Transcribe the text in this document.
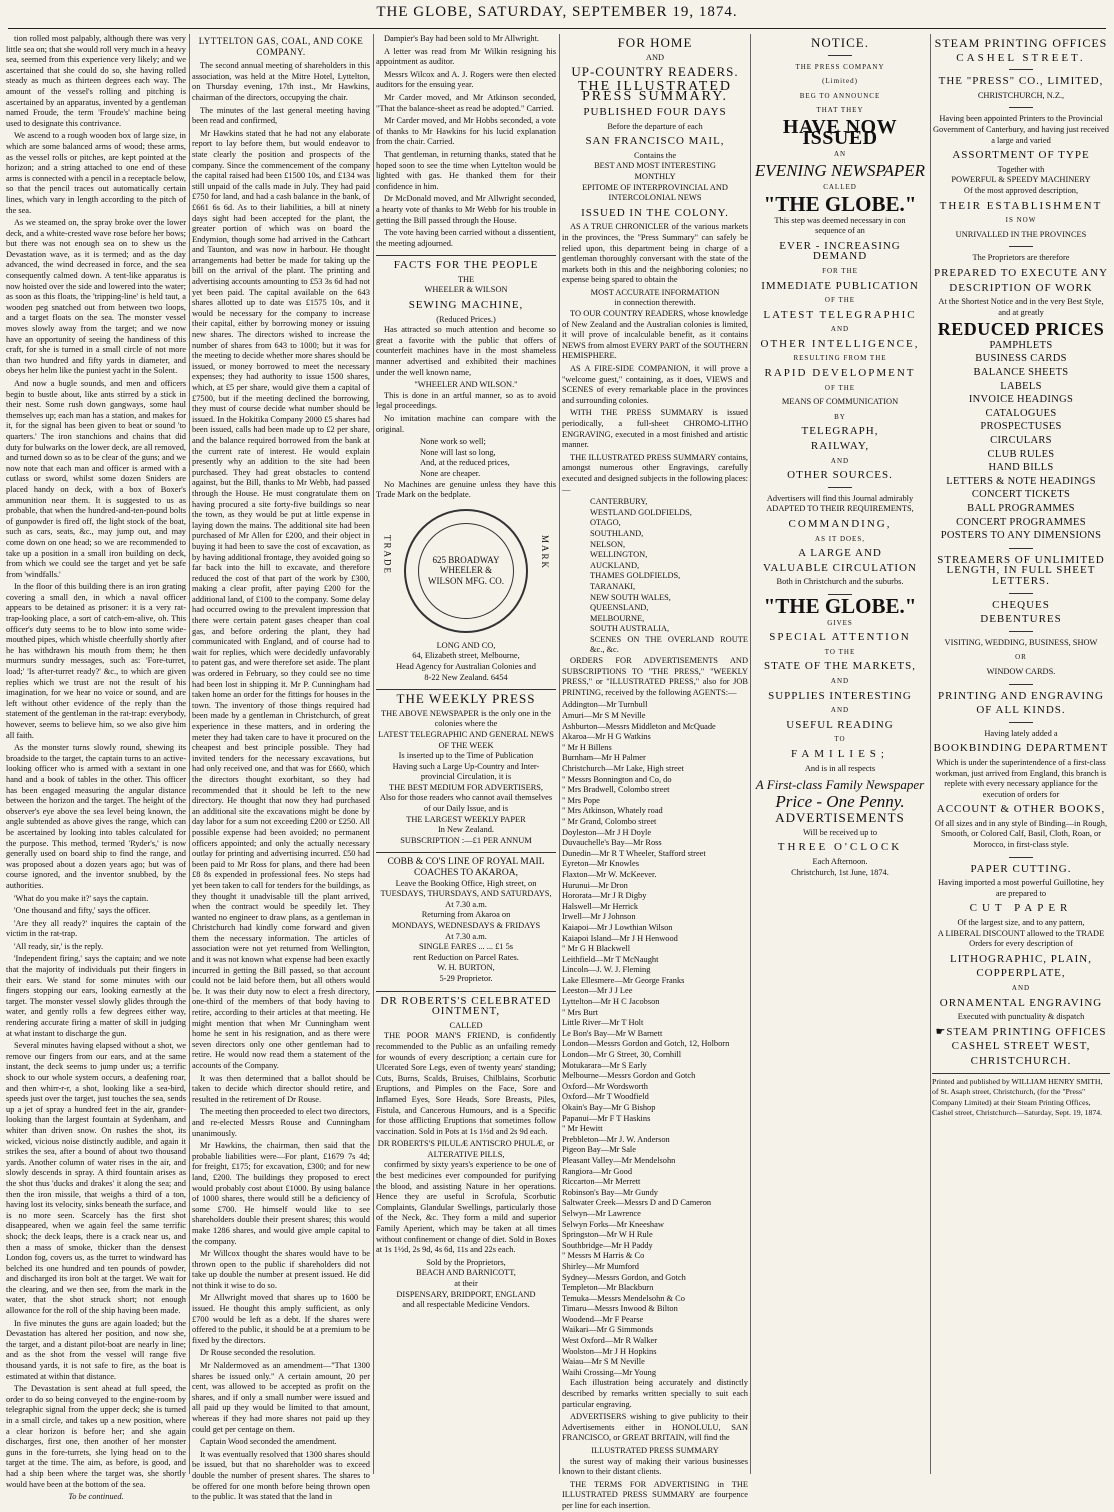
THE GLOBE, SATURDAY, SEPTEMBER 19, 1874.

tion rolled most palpably, although there was very little sea on; that she would roll very much in a heavy sea, seemed from this experience very likely; and we ascertained that she could do so, she having rolled steady as much as thirteen degrees each way. The amount of the vessel's rolling and pitching is ascertained by an apparatus, invented by a gentleman named Froude, the term 'Froude's' machine being used to designate this contrivance.

We ascend to a rough wooden box of large size, in which are some balanced arms of wood; these arms, as the vessel rolls or pitches, are kept pointed at the horizon; and a string attached to one end of these arms is connected with a pencil in a receptacle below, so that the pencil traces out automatically certain lines, which vary in length according to the pitch of the sea.

As we steamed on, the spray broke over the lower deck, and a white-crested wave rose before her bows; but there was not enough sea on to shew us the Devastation wave, as it is termed; and as the day advanced, the wind decreased in force, and the sea consequently calmed down. A tent-like apparatus is now hoisted over the side and lowered into the water; as soon as this floats, the 'tripping-line' is held taut, a wooden peg snatched out from between two loops, and a target floats on the sea. The monster vessel moves slowly away from the target; and we now have an opportunity of seeing the handiness of this craft, for she is turned in a small circle of not more than two hundred and fifty yards in diameter, and obeys her helm like the puniest yacht in the Solent.

And now a bugle sounds, and men and officers begin to bustle about, like ants stirred by a stick in their nest. Some rush down gangways, some haul themselves up; each man has a station, and makes for it, for the signal has been given to beat or sound 'to quarters.' The iron stanchions and chains that did duty for bulwarks on the lower deck, are all removed, and turned down so as to be clear of the guns; and we now note that each man and officer is armed with a cutlass or sword, whilst some dozen Sniders are placed handy on deck, with a box of Boxer's ammunition near them. It is suggested to us as probable, that when the hundred-and-ten-pound bolts of gunpowder is fired off, the light stock of the boat, such as cars, seats, &c., may jump out, and may come down on one head; so we are recommended to take up a position in a small iron building on deck, from which we could see the target and yet be safe from 'windfalls.'

In the floor of this building there is an iron grating covering a small den, in which a naval officer appears to be detained as prisoner: it is a very rat-trap-looking place, a sort of catch-em-alive, oh. This officer's duty seems to be to blow into some wide-mouthed pipes, which whistle cheerfully shortly after he has withdrawn his mouth from them; he then murmurs sundry messages, such as: 'Fore-turret, load;' 'Is after-turret ready?' &c., to which are given replies which we trust are not the result of his imagination, for we hear no voice or sound, and are left without other evidence of the reply than the statement of the gentleman in the rat-trap: everybody, however, seems to believe him, so we also give him all faith.

As the monster turns slowly round, shewing its broadside to the target, the captain turns to an active-looking officer who is armed with a sextant in one hand and a book of tables in the other. This officer has been engaged measuring the angular distance between the horizon and the target. The height of the observer's eye above the sea level being known, the angle subtended as above gives the range, which can be ascertained by looking into tables calculated for the purpose. This method, termed 'Ryder's,' is now generally used on board ship to find the range, and was proposed about a dozen years ago; but was of course ignored, and the inventor snubbed, by the authorities.

'What do you make it?' says the captain.

'One thousand and fifty,' says the officer.

'Are they all ready?' inquires the captain of the victim in the rat-trap.

'All ready, sir,' is the reply.

'Independent firing,' says the captain; and we note that the majority of individuals put their fingers in their ears. We stand for some minutes with our fingers stopping our ears, looking earnestly at the target. The monster vessel slowly glides through the water, and gently rolls a few degrees either way, rendering accurate firing a matter of skill in judging at what instant to discharge the gun.

Several minutes having elapsed without a shot, we remove our fingers from our ears, and at the same instant, the deck seems to jump under us; a terrific shock to our whole system occurs, a deafening roar, and then whirr-r-r, a shot, looking like a sea-bird, speeds just over the target, just touches the sea, sends up a jet of spray a hundred feet in the air, grander-looking than the largest fountain at Sydenham, and whiter than driven snow. On rushes the shot, its wicked, vicious noise distinctly audible, and again it strikes the sea, after a bound of about two thousand yards. Another column of water rises in the air, and slowly descends in spray. A third fountain arises as the shot thus 'ducks and drakes' it along the sea; and then the iron missile, that weighs a third of a ton, having lost its velocity, sinks beneath the surface, and is no more seen. Scarcely has the first shot disappeared, when we again feel the same terrific shock; the deck leaps, there is a crack near us, and then a mass of smoke, thicker than the densest London fog, covers us, as the turret to windward has belched its one hundred and ten pounds of powder, and discharged its iron bolt at the target. We wait for the clearing, and we then see, from the mark in the water, that the shot struck short; not enough allowance for the roll of the ship having been made.

In five minutes the guns are again loaded; but the Devastation has altered her position, and now she, the target, and a distant pilot-boat are nearly in line; and as the shot from the vessel will range five thousand yards, it is not safe to fire, as the boat is estimated at within that distance.

The Devastation is sent ahead at full speed, the order to do so being conveyed to the engine-room by telegraphic signal from the upper deck; she is turned in a small circle, and takes up a new position, where a clear horizon is before her; and she again discharges, first one, then another of her monster guns in the fore-turrets, she lying head on to the target at the time. The aim, as before, is good, and had a ship been where the target was, she shortly would have been at the bottom of the sea.

To be continued.

LYTTELTON GAS, COAL, AND COKE COMPANY.

The second annual meeting of shareholders in this association, was held at the Mitre Hotel, Lyttelton, on Thursday evening, 17th inst., Mr Hawkins, chairman of the directors, occupying the chair.

The minutes of the last general meeting having been read and confirmed,

Mr Hawkins stated that he had not any elaborate report to lay before them, but would endeavor to state clearly the position and prospects of the company. Since the commencement of the company the capital raised had been £1500 10s, and £134 was still unpaid of the calls made in July. They had paid £750 for land, and had a cash balance in the bank, of £661 6s 6d. As to their liabilities, a bill at ninety days sight had been accepted for the plant, the greater portion of which was on board the Endymion, though some had arrived in the Cathcart and Taunton, and was now in harbour. He thought arrangements had better be made for taking up the bill on the arrival of the plant. The printing and advertising accounts amounting to £53 3s 6d had not yet been paid. The capital available on the 643 shares allotted up to date was £1575 10s, and it would be necessary for the company to increase their capital, either by borrowing money or issuing new shares. The directors wished to increase the number of shares from 643 to 1000; but it was for the meeting to decide whether more shares should be issued, or money borrowed to meet the necessary expenses; they had authority to issue 1500 shares, which, at £5 per share, would give them a capital of £7500, but if the meeting declined the borrowing, they must of course decide what number should be issued. In the Hokitika Company 2000 £5 shares had been issued, calls had been made up to £2 per share, and the balance required borrowed from the bank at the current rate of interest. He would explain presently why an addition to the site had been purchased. They had great obstacles to contend against, but the Bill, thanks to Mr Webb, had passed through the House. He must congratulate them on having procured a site forty-five buildings so near the town, as they would be put at little expense in laying down the mains. The additional site had been purchased of Mr Allen for £200, and their object in buying it had been to save the cost of excavation, as by having additional frontage, they avoided going so far back into the hill to excavate, and therefore reduced the cost of that part of the work by £300, making a clear profit, after paying £200 for the additional land, of £100 to the company. Some delay had occurred owing to the prevalent impression that there were certain patent gases cheaper than coal gas, and before ordering the plant, they had communicated with England, and of course had to wait for replies, which were decidedly unfavorably to patent gas, and were therefore set aside. The plant was ordered in February, so they could see no time had been lost in shipping it. Mr P. Cunningham had taken home an order for the fittings for houses in the town. The inventory of those things required had been made by a gentleman in Christchurch, of great experience in these matters, and in ordering the meter they had taken care to have it procured on the cheapest and best principle possible. They had invited tenders for the necessary excavations, but had only received one, and that was for £660, which the directors thought exorbitant, so they had recommended that it should be left to the new directory. He thought that now they had purchased an additional site the excavations might be done by day labor for a sum not exceeding £200 or £250. All possible expense had been avoided; no permanent officers appointed; and only the actually necessary outlay for printing and advertising incurred. £50 had been paid to Mr Ross for plans, and there had been £8 8s expended in professional fees. No steps had yet been taken to call for tenders for the buildings, as they thought it unadvisable till the plant arrived, when the contract would be speedily let. They wanted no engineer to draw plans, as a gentleman in Christchurch had kindly come forward and given them the necessary information. The articles of association were not yet returned from Wellington, and it was not known what expense had been exactly incurred in getting the Bill passed, so that account could not be laid before them, but all others would be. It was their duty now to elect a fresh directory, one-third of the members of that body having to retire, according to their articles at that meeting. He might mention that when Mr Cunningham went home he sent in his resignation, and as there were seven directors only one other gentleman had to retire. He would now read them a statement of the accounts of the Company.

It was then determined that a ballot should be taken to decide which director should retire, and resulted in the retirement of Dr Rouse.

The meeting then proceeded to elect two directors, and re-elected Messrs Rouse and Cunningham unanimously.

Mr Hawkins, the chairman, then said that the probable liabilities were—For plant, £1679 7s 4d; for freight, £175; for excavation, £300; and for new land, £200. The buildings they proposed to erect would probably cost about £1000. By using balance of 1000 shares, there would still be a deficiency of some £700. He himself would like to see shareholders double their present shares; this would make 1286 shares, and would give ample capital to the company.

Mr Willcox thought the shares would have to be thrown open to the public if shareholders did not take up double the number at present issued. He did not think it wise to do so.

Mr Allwright moved that shares up to 1600 be issued. He thought this amply sufficient, as only £700 would be left as a debt. If the shares were offered to the public, it should be at a premium to be fixed by the directors.

Dr Rouse seconded the resolution.

Mr Naldermoved as an amendment—"That 1300 shares be issued only." A certain amount, 20 per cent, was allowed to be accepted as profit on the shares, and if only a small number were issued and all paid up they would be limited to that amount, whereas if they had more shares not paid up they could get per centage on them.

Captain Wood seconded the amendment.

It was eventually resolved that 1300 shares should be issued, but that no shareholder was to exceed double the number of present shares. The shares to be offered for one month before being thrown open to the public. It was stated that the land in

Dampier's Bay had been sold to Mr Allwright.

A letter was read from Mr Wilkin resigning his appointment as auditor.

Messrs Wilcox and A. J. Rogers were then elected auditors for the ensuing year.

Mr Carder moved, and Mr Atkinson seconded, "That the balance-sheet as read be adopted." Carried.

Mr Carder moved, and Mr Hobbs seconded, a vote of thanks to Mr Hawkins for his lucid explanation from the chair. Carried.

That gentleman, in returning thanks, stated that he hoped soon to see the time when Lyttelton would be lighted with gas. He thanked them for their confidence in him.

Dr McDonald moved, and Mr Allwright seconded, a hearty vote of thanks to Mr Webb for his trouble in getting the Bill passed through the House.

The vote having been carried without a dissentient, the meeting adjourned.

FACTS FOR THE PEOPLE
THE
WHEELER & WILSON
SEWING MACHINE,
(Reduced Prices.)

Has attracted so much attention and become so great a favorite with the public that offers of counterfeit machines have in the most shameless manner advertised and exhibited their machines under the well known name,

"WHEELER AND WILSON."

This is done in an artful manner, so as to avoid legal proceedings.

No imitation machine can compare with the original.

None work so well;
None will last so long,
And, at the reduced prices,
None are cheaper.

No Machines are genuine unless they have this Trade Mark on the bedplate.

TRADE	MARK
625 BROADWAY WHEELER & WILSON MFG. CO.
LONG AND CO,
64, Elizabeth street, Melbourne,
Head Agency for Australian Colonies and
8-22 New Zealand. 6454
THE WEEKLY PRESS
THE ABOVE NEWSPAPER is the only one in the colonies where the
LATEST TELEGRAPHIC AND GENERAL NEWS OF THE WEEK
Is inserted up to the Time of Publication
Having such a Large Up-Country and Inter-provincial Circulation, it is
THE BEST MEDIUM FOR ADVERTISERS,
Also for those readers who cannot avail themselves of our Daily Issue, and is
THE LARGEST WEEKLY PAPER
In New Zealand.
SUBSCRIPTION :—£1 PER ANNUM
COBB & CO'S LINE OF ROYAL MAIL COACHES TO AKAROA,
Leave the Booking Office, High street, on
TUESDAYS, THURSDAYS, AND SATURDAYS,
At 7.30 a.m.
Returning from Akaroa on
MONDAYS, WEDNESDAYS & FRIDAYS
At 7.30 a.m.
SINGLE FARES ... ... £1 5s
rent Reduction on Parcel Rates.
W. H. BURTON,
5-29 Proprietor.
DR ROBERTS'S CELEBRATED OINTMENT,
CALLED

THE POOR MAN'S FRIEND, is confidently recommended to the Public as an unfailing remedy for wounds of every description; a certain cure for Ulcerated Sore Legs, even of twenty years' standing; Cuts, Burns, Scalds, Bruises, Chilblains, Scorbutic Eruptions, and Pimples on the Face, Sore and Inflamed Eyes, Sore Heads, Sore Breasts, Piles, Fistula, and Cancerous Humours, and is a Specific for those afflicting Eruptions that sometimes follow vaccination. Sold in Pots at 1s 1½d and 2s 9d each.

DR ROBERTS'S PILULÆ ANTISCRO PHULÆ, or ALTERATIVE PILLS,

confirmed by sixty years's experience to be one of the best medicines ever compounded for purifying the blood, and assisting Nature in her operations. Hence they are useful in Scrofula, Scorbutic Complaints, Glandular Swellings, particularly those of the Neck, &c. They form a mild and superior Family Aperient, which may be taken at all times without confinement or change of diet. Sold in Boxes at 1s 1½d, 2s 9d, 4s 6d, 11s and 22s each.

Sold by the Proprietors,
BEACH AND BARNICOTT,
at their
DISPENSARY, BRIDPORT, ENGLAND
and all respectable Medicine Vendors.
FOR HOME
AND
UP-COUNTRY READERS.
THE ILLUSTRATED PRESS SUMMARY.
PUBLISHED FOUR DAYS
Before the departure of each
SAN FRANCISCO MAIL,
Contains the
BEST AND MOST INTERESTING
MONTHLY
EPITOME OF INTERPROVINCIAL AND INTERCOLONIAL NEWS
ISSUED IN THE COLONY.

AS A TRUE CHRONICLER of the various markets in the provinces, the "Press Summary" can safely be relied upon, this department being in charge of a gentleman thoroughly conversant with the state of the markets both in this and the neighboring colonies; no expense being spared to obtain the

MOST ACCURATE INFORMATION
in connection therewith.

TO OUR COUNTRY READERS, whose knowledge of New Zealand and the Australian colonies is limited, it will prove of incalculable benefit, as it contains NEWS from almost EVERY PART of the SOUTHERN HEMISPHERE.

AS A FIRE-SIDE COMPANION, it will prove a "welcome guest," containing, as it does, VIEWS and SCENES of every remarkable place in the provinces and surrounding colonies.

WITH THE PRESS SUMMARY is issued periodically, a full-sheet CHROMO-LITHO ENGRAVING, executed in a most finished and artistic manner.

THE ILLUSTRATED PRESS SUMMARY contains, amongst numerous other Engravings, carefully executed and designed subjects in the following places:—

CANTERBURY,
WESTLAND GOLDFIELDS,
OTAGO,
SOUTHLAND,
NELSON,
WELLINGTON,
AUCKLAND,
THAMES GOLDFIELDS,
TARANAKI,
NEW SOUTH WALES,
QUEENSLAND,
MELBOURNE,
SOUTH AUSTRALIA,
SCENES ON THE OVERLAND ROUTE &c., &c.

ORDERS FOR ADVERTISEMENTS AND SUBSCRIPTIONS TO "THE PRESS," "WEEKLY PRESS," or "ILLUSTRATED PRESS," also for JOB PRINTING, received by the following AGENTS:—

Addington—Mr Turnbull
Amuri—Mr S M Neville
Ashburton—Messrs Middleton and McQuade
Akaroa—Mr H G Watkins
" Mr H Billens
Burnham—Mr H Palmer
Christchurch—Mr Lake, High street
" Messrs Bonnington and Co, do
" Mrs Bradwell, Colombo street
" Mrs Pope
" Mrs Atkinson, Whately road
" Mr Grand, Colombo street
Doyleston—Mr J H Doyle
Duvauchelle's Bay—Mr Ross
Dunedin—Mr R T Wheeler, Stafford street
Eyreton—Mr Knowles
Flaxton—Mr W. McKeever.
Hurunui—Mr Dron
Hororata—Mr J R Digby
Halswell—Mr Herrick
Irwell—Mr J Johnson
Kaiapoi—Mr J Lowthian Wilson
Kaiapoi Island—Mr J H Henwood
" Mr G H Blackwell
Leithfield—Mr T McNaught
Lincoln—J. W. J. Fleming
Lake Ellesmere—Mr George Franks
Leeston—Mr J J Lee
Lyttelton—Mr H C Jacobson
" Mrs Burt
Little River—Mr T Holt
Le Bon's Bay—Mr W Barnett
London—Messrs Gordon and Gotch, 12, Holborn
London—Mr G Street, 30, Cornhill
Motukarara—Mr S Early
Melbourne—Messrs Gordon and Gotch
Oxford—Mr Wordsworth
Oxford—Mr T Woodfield
Okain's Bay—Mr G Bishop
Papanui—Mr F T Haskins
" Mr Hewitt
Prebbleton—Mr J. W. Anderson
Pigeon Bay—Mr Sale
Pleasant Valley—Mr Mendelsohn
Rangiora—Mr Good
Riccarton—Mr Merrett
Robinson's Bay—Mr Gundy
Saltwater Creek—Messrs D and D Cameron
Selwyn—Mr Lawrence
Selwyn Forks—Mr Kneeshaw
Springston—Mr W H Rule
Southbridge—Mr H Paddy
" Messrs M Harris & Co
Shirley—Mr Mumford
Sydney—Messrs Gordon, and Gotch
Templeton—Mr Blackburn
Temuka—Messrs Mendelsohn & Co
Timaru—Messrs Inwood & Bilton
Woodend—Mr F Pearse
Waikari—Mr G Simmonds
West Oxford—Mr R Walker
Woolston—Mr J H Hopkins
Waiau—Mr S M Neville
Waihi Crossing—Mr Young

Each illustration being accurately and distinctly described by remarks written specially to suit each particular engraving.

ADVERTISERS wishing to give publicity to their Advertisements either in HONOLULU, SAN FRANCISCO, or GREAT BRITAIN, will find the

ILLUSTRATED PRESS SUMMARY

the surest way of making their various businesses known to their distant clients.

THE TERMS FOR ADVERTISING in THE ILLUSTRATED PRESS SUMMARY are fourpence per line for each insertion.

NOTICE.
THE PRESS COMPANY
(Limited)
BEG TO ANNOUNCE
THAT THEY
HAVE NOW ISSUED
AN
EVENING NEWSPAPER
CALLED
"THE GLOBE."
This step was deemed necessary in con
sequence of an
EVER - INCREASING DEMAND
FOR THE
IMMEDIATE PUBLICATION
OF THE
LATEST TELEGRAPHIC
AND
OTHER INTELLIGENCE,
RESULTING FROM THE
RAPID DEVELOPMENT
OF THE
MEANS OF COMMUNICATION
BY
TELEGRAPH,
RAILWAY,
AND
OTHER SOURCES.
Advertisers will find this Journal admirably
ADAPTED TO THEIR REQUIREMENTS,
COMMANDING,
AS IT DOES,
A LARGE AND
VALUABLE CIRCULATION
Both in Christchurch and the suburbs.
"THE GLOBE."
GIVES
SPECIAL ATTENTION
TO THE
STATE OF THE MARKETS,
AND
SUPPLIES INTERESTING
AND
USEFUL READING
TO
FAMILIES;
And is in all respects
A First-class Family Newspaper
Price - One Penny.
ADVERTISEMENTS
Will be received up to
THREE O'CLOCK
Each Afternoon.
Christchurch, 1st June, 1874.
STEAM PRINTING OFFICES
CASHEL STREET.
THE "PRESS" CO., LIMITED,
CHRISTCHURCH, N.Z.,

Having been appointed Printers to the Provincial Government of Canterbury, and having just received a large and varied

ASSORTMENT OF TYPE
Together with
POWERFUL & SPEEDY MACHINERY
Of the most approved description,
THEIR ESTABLISHMENT
IS NOW
UNRIVALLED IN THE PROVINCES
The Proprietors are therefore
PREPARED TO EXECUTE ANY
DESCRIPTION OF WORK
At the Shortest Notice and in the very Best Style, and at greatly
REDUCED PRICES
PAMPHLETS
BUSINESS CARDS
BALANCE SHEETS
LABELS
INVOICE HEADINGS
CATALOGUES
PROSPECTUSES
CIRCULARS
CLUB RULES
HAND BILLS
LETTERS & NOTE HEADINGS
CONCERT TICKETS
BALL PROGRAMMES
CONCERT PROGRAMMES
POSTERS TO ANY DIMENSIONS
STREAMERS OF UNLIMITED LENGTH, IN FULL SHEET LETTERS.
CHEQUES
DEBENTURES
VISITING, WEDDING, BUSINESS, SHOW
OR
WINDOW CARDS.
PRINTING AND ENGRAVING
OF ALL KINDS.
Having lately added a
BOOKBINDING DEPARTMENT

Which is under the superintendence of a first-class workman, just arrived from England, this branch is replete with every necessary appliance for the execution of orders for

ACCOUNT & OTHER BOOKS,

Of all sizes and in any style of Binding—in Rough, Smooth, or Colored Calf, Basil, Cloth, Roan, or Morocco, in first-class style.

PAPER CUTTING.
Having imported a most powerful Guillotine, hey are prepared to
CUT PAPER
Of the largest size, and to any pattern,
A LIBERAL DISCOUNT allowed to the TRADE
Orders for every description of
LITHOGRAPHIC, PLAIN,
COPPERPLATE,
AND
ORNAMENTAL ENGRAVING
Executed with punctuality & dispatch
☛STEAM PRINTING OFFICES
CASHEL STREET WEST,
CHRISTCHURCH.
Printed and published by WILLIAM HENRY SMITH, of St. Asaph street, Christchurch, (for the "Press" Company Limited) at their Steam Printing Offices, Cashel street, Christchurch—Saturday, Sept. 19, 1874.
